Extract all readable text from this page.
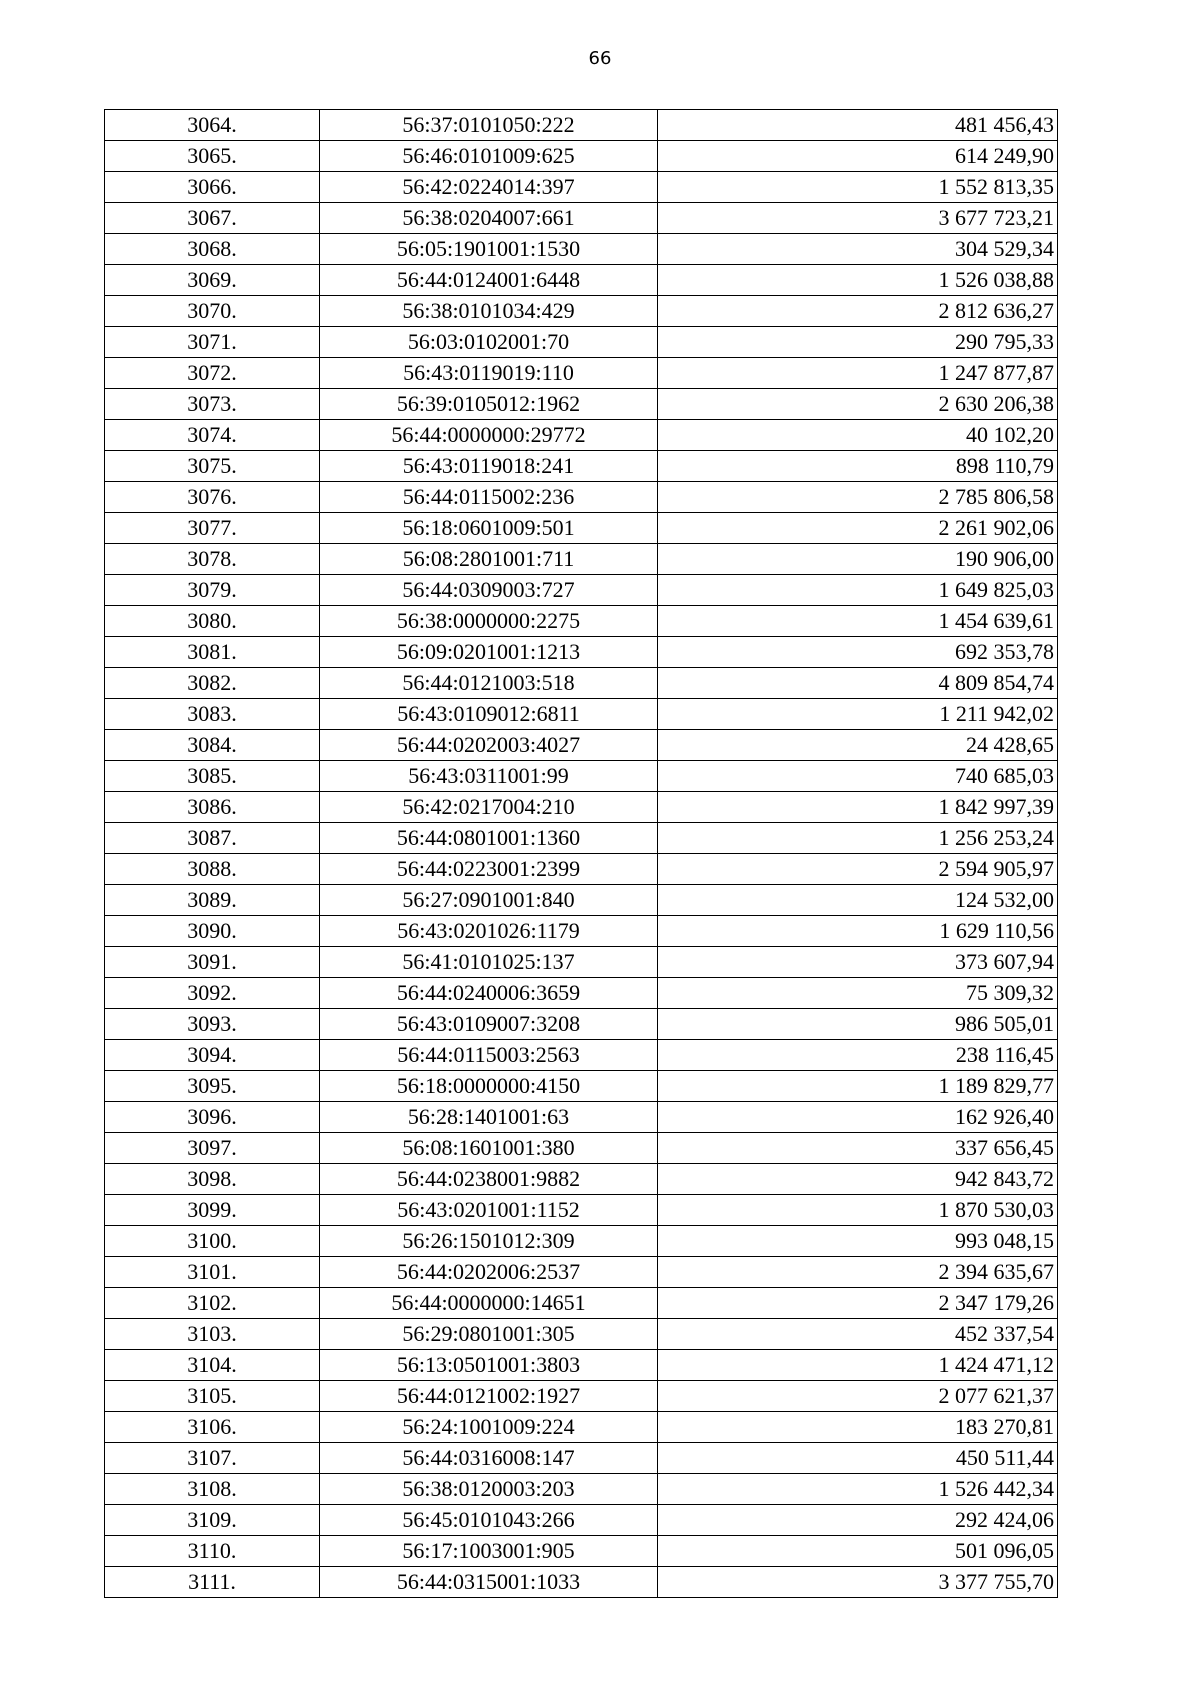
66
3064.	56:37:0101050:222	481 456,43
3065.	56:46:0101009:625	614 249,90
3066.	56:42:0224014:397	1 552 813,35
3067.	56:38:0204007:661	3 677 723,21
3068.	56:05:1901001:1530	304 529,34
3069.	56:44:0124001:6448	1 526 038,88
3070.	56:38:0101034:429	2 812 636,27
3071.	56:03:0102001:70	290 795,33
3072.	56:43:0119019:110	1 247 877,87
3073.	56:39:0105012:1962	2 630 206,38
3074.	56:44:0000000:29772	40 102,20
3075.	56:43:0119018:241	898 110,79
3076.	56:44:0115002:236	2 785 806,58
3077.	56:18:0601009:501	2 261 902,06
3078.	56:08:2801001:711	190 906,00
3079.	56:44:0309003:727	1 649 825,03
3080.	56:38:0000000:2275	1 454 639,61
3081.	56:09:0201001:1213	692 353,78
3082.	56:44:0121003:518	4 809 854,74
3083.	56:43:0109012:6811	1 211 942,02
3084.	56:44:0202003:4027	24 428,65
3085.	56:43:0311001:99	740 685,03
3086.	56:42:0217004:210	1 842 997,39
3087.	56:44:0801001:1360	1 256 253,24
3088.	56:44:0223001:2399	2 594 905,97
3089.	56:27:0901001:840	124 532,00
3090.	56:43:0201026:1179	1 629 110,56
3091.	56:41:0101025:137	373 607,94
3092.	56:44:0240006:3659	75 309,32
3093.	56:43:0109007:3208	986 505,01
3094.	56:44:0115003:2563	238 116,45
3095.	56:18:0000000:4150	1 189 829,77
3096.	56:28:1401001:63	162 926,40
3097.	56:08:1601001:380	337 656,45
3098.	56:44:0238001:9882	942 843,72
3099.	56:43:0201001:1152	1 870 530,03
3100.	56:26:1501012:309	993 048,15
3101.	56:44:0202006:2537	2 394 635,67
3102.	56:44:0000000:14651	2 347 179,26
3103.	56:29:0801001:305	452 337,54
3104.	56:13:0501001:3803	1 424 471,12
3105.	56:44:0121002:1927	2 077 621,37
3106.	56:24:1001009:224	183 270,81
3107.	56:44:0316008:147	450 511,44
3108.	56:38:0120003:203	1 526 442,34
3109.	56:45:0101043:266	292 424,06
3110.	56:17:1003001:905	501 096,05
3111.	56:44:0315001:1033	3 377 755,70
